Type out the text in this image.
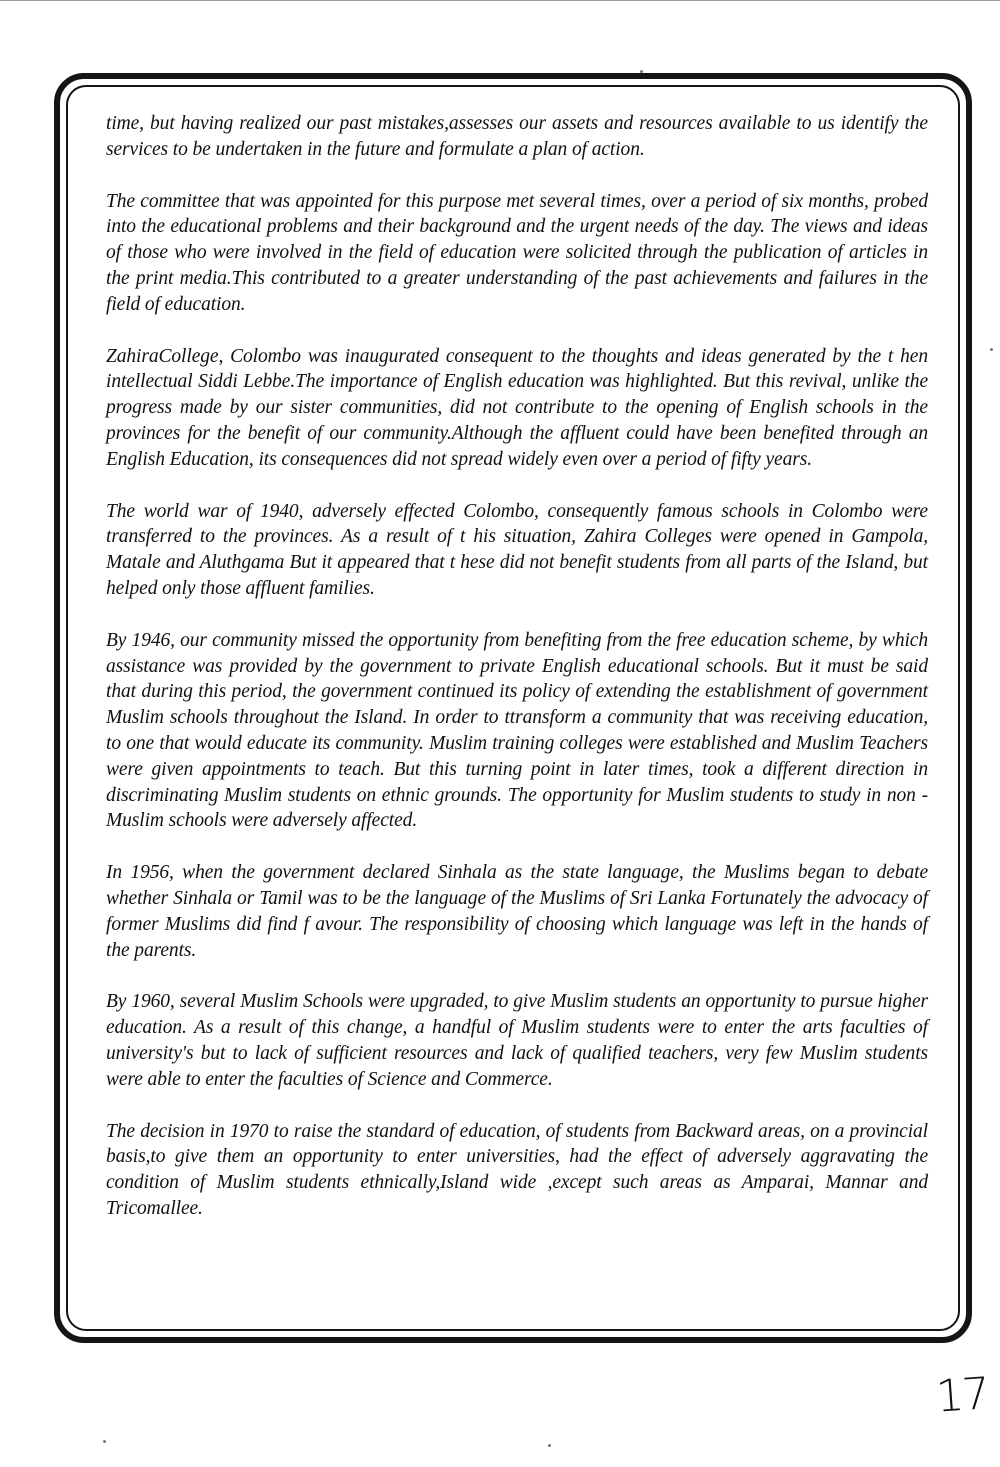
time, but having realized our past mistakes,assesses our assets and resources available to us identify the services to be undertaken in the future and formulate a plan of action.

The committee that was appointed for this purpose met several times, over a period of six months, probed into the educational problems and their background and the urgent needs of the day. The views and ideas of those who were involved in the field of education were solicited through the publication of articles in the print media.This contributed to a greater understanding of the past achievements and failures in the field of education.

ZahiraCollege, Colombo was inaugurated consequent to the thoughts and ideas generated by the t hen intellectual Siddi Lebbe.The importance of English education was highlighted. But this revival, unlike the progress made by our sister communities, did not contribute to the opening of English schools in the provinces for the benefit of our community.Although the affluent could have been benefited through an English Education, its consequences did not spread widely even over a period of fifty years.

The world war of 1940, adversely effected Colombo, consequently famous schools in Colombo were transferred to the provinces. As a result of t his situation, Zahira Colleges were opened in Gampola, Matale and Aluthgama But it appeared that t hese did not benefit students from all parts of the Island, but helped only those affluent families.

By 1946, our community missed the opportunity from benefiting from the free education scheme, by which assistance was provided by the government to private English educational schools. But it must be said that during this period, the government continued its policy of extending the establishment of government Muslim schools throughout the Island. In order to ttransform a community that was receiving education, to one that would educate its community. Muslim training colleges were established and Muslim Teachers were given appointments to teach. But this turning point in later times, took a different direction in discriminating Muslim students on ethnic grounds. The opportunity for Muslim students to study in non - Muslim schools were adversely affected.

In 1956, when the government declared Sinhala as the state language, the Muslims began to debate whether Sinhala or Tamil was to be the language of the Muslims of Sri Lanka Fortunately the advocacy of former Muslims did find f avour. The responsibility of choosing which language was left in the hands of the parents.

By 1960, several Muslim Schools were upgraded, to give Muslim students an opportunity to pursue higher education. As a result of this change, a handful of Muslim students were to enter the arts faculties of university's but to lack of sufficient resources and lack of qualified teachers, very few Muslim students were able to enter the faculties of Science and Commerce.

The decision in 1970 to raise the standard of education, of students from Backward areas, on a provincial basis,to give them an opportunity to enter universities, had the effect of adversely aggravating the condition of Muslim students ethnically,Island wide ,except such areas as Amparai, Mannar and Tricomallee.

17
